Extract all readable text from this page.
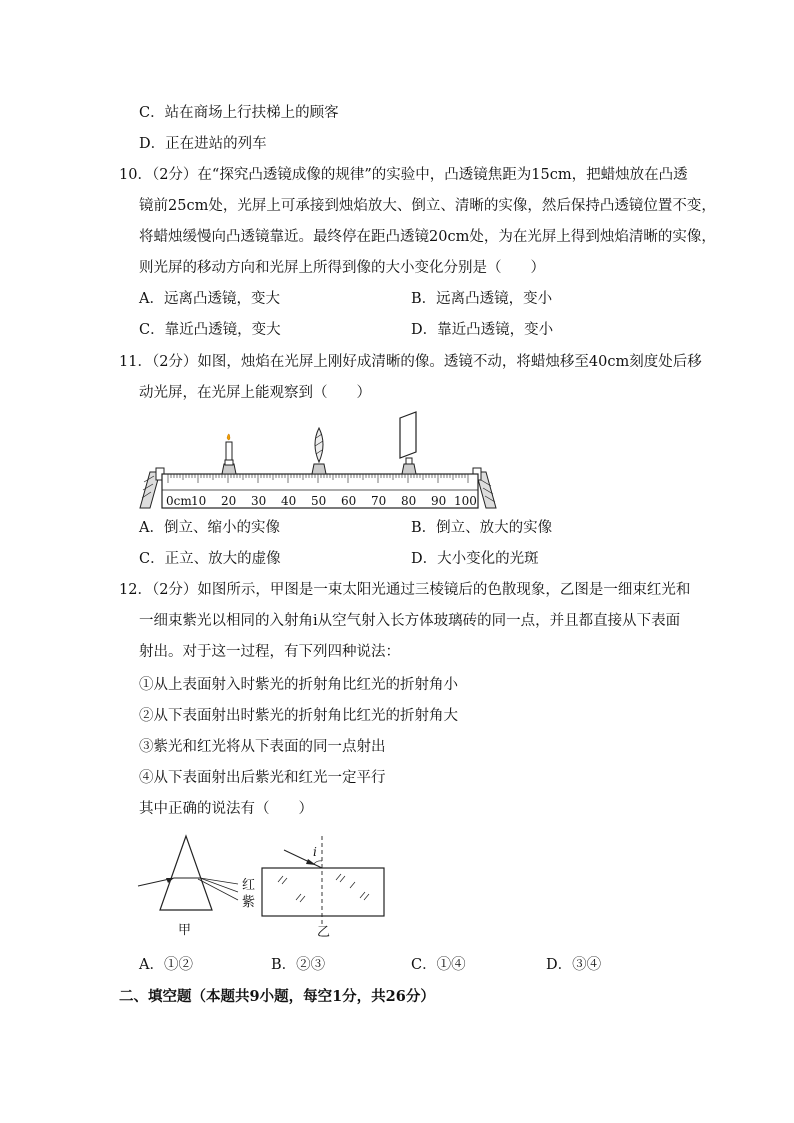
C．站在商场上行扶梯上的顾客
D．正在进站的列车
10．（2分）在“探究凸透镜成像的规律”的实验中，凸透镜焦距为15cm，把蜡烛放在凸透
镜前25cm处，光屏上可承接到烛焰放大、倒立、清晰的实像，然后保持凸透镜位置不变，
将蜡烛缓慢向凸透镜靠近。最终停在距凸透镜20cm处，为在光屏上得到烛焰清晰的实像，
则光屏的移动方向和光屏上所得到像的大小变化分别是（　　）
A．远离凸透镜，变大	B．远离凸透镜，变小
C．靠近凸透镜，变大	D．靠近凸透镜，变小
11．（2分）如图，烛焰在光屏上刚好成清晰的像。透镜不动，将蜡烛移至40cm刻度处后移
动光屏，在光屏上能观察到（　　）
0cm 10 20 30 40 50 60 70 80 90 100
A．倒立、缩小的实像	B．倒立、放大的实像
C．正立、放大的虚像	D．大小变化的光斑
12．（2分）如图所示，甲图是一束太阳光通过三棱镜后的色散现象，乙图是一细束红光和
一细束紫光以相同的入射角i从空气射入长方体玻璃砖的同一点，并且都直接从下表面
射出。对于这一过程，有下列四种说法：
①从上表面射入时紫光的折射角比红光的折射角小
②从下表面射出时紫光的折射角比红光的折射角大
③紫光和红光将从下表面的同一点射出
④从下表面射出后紫光和红光一定平行
其中正确的说法有（　　）
红
紫
甲
i
乙
A．①②	B．②③	C．①④	D．③④
二、填空题（本题共9小题，每空1分，共26分）
